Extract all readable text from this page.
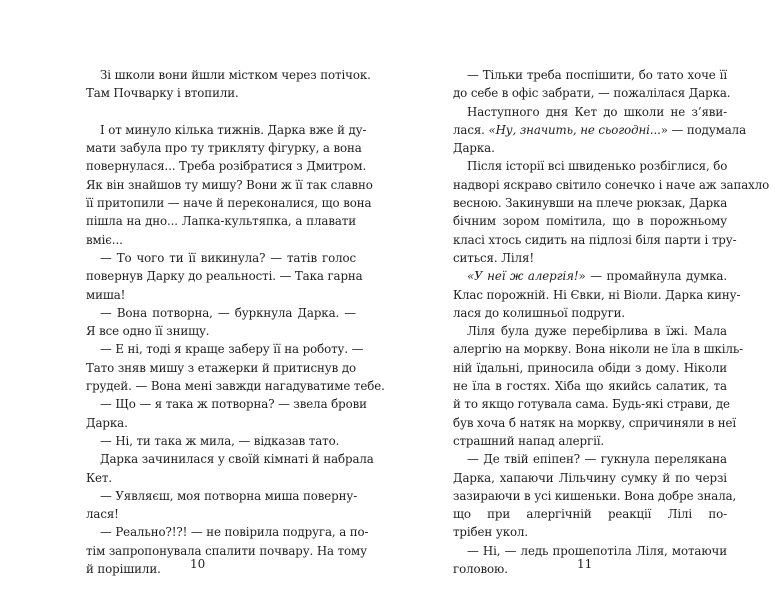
Зі школи вони йшли містком через потічок.
Там Почварку і втопили.
І от минуло кілька тижнів. Дарка вже й ду-
мати забула про ту трикляту фігурку, а вона
повернулася... Треба розібратися з Дмитром.
Як він знайшов ту мишу? Вони ж її так славно
її притопили — наче й переконалися, що вона
пішла на дно... Лапка-культяпка, а плавати
вміє...
— То чого ти її викинула? — татів голос
повернув Дарку до реальності. — Така гарна
миша!
— Вона потворна, — буркнула Дарка. —
Я все одно її знищу.
— Е ні, тоді я краще заберу її на роботу. —
Тато зняв мишу з етажерки й притиснув до
грудей. — Вона мені завжди нагадуватиме тебе.
— Що — я така ж потворна? — звела брови
Дарка.
— Ні, ти така ж мила, — відказав тато.
Дарка зачинилася у своїй кімнаті й набрала
Кет.
— Уявляєш, моя потворна миша поверну-
лася!
— Реально?!?! — не повірила подруга, а по-
тім запропонувала спалити почвару. На тому
й порішили.
— Тільки треба поспішити, бо тато хоче її
до себе в офіс забрати, — пожалілася Дарка.
Наступного дня Кет до школи не з’яви-
лася. «Ну, значить, не сьогодні...» — подумала
Дарка.
Після історії всі швиденько розбіглися, бо
надворі яскраво світило сонечко і наче аж запахло
весною. Закинувши на плече рюкзак, Дарка
бічним зором помітила, що в порожньому
класі хтось сидить на підлозі біля парти і тру-
ситься. Ліля!
«У неї ж алергія!» — промайнула думка.
Клас порожній. Ні Євки, ні Віоли. Дарка кину-
лася до колишньої подруги.
Ліля була дуже перебірлива в їжі. Мала
алергію на моркву. Вона ніколи не їла в шкіль-
ній їдальні, приносила обіди з дому. Ніколи
не їла в гостях. Хіба що якийсь салатик, та
й то якщо готувала сама. Будь-які страви, де
був хоча б натяк на моркву, спричиняли в неї
страшний напад алергії.
— Де твій епіпен? — гукнула перелякана
Дарка, хапаючи Лільчину сумку й по черзі
зазираючи в усі кишеньки. Вона добре знала,
що при алергічній реакції Лілі по-
трібен укол.
— Ні, — ледь прошепотіла Ліля, мотаючи
головою.
10	11
